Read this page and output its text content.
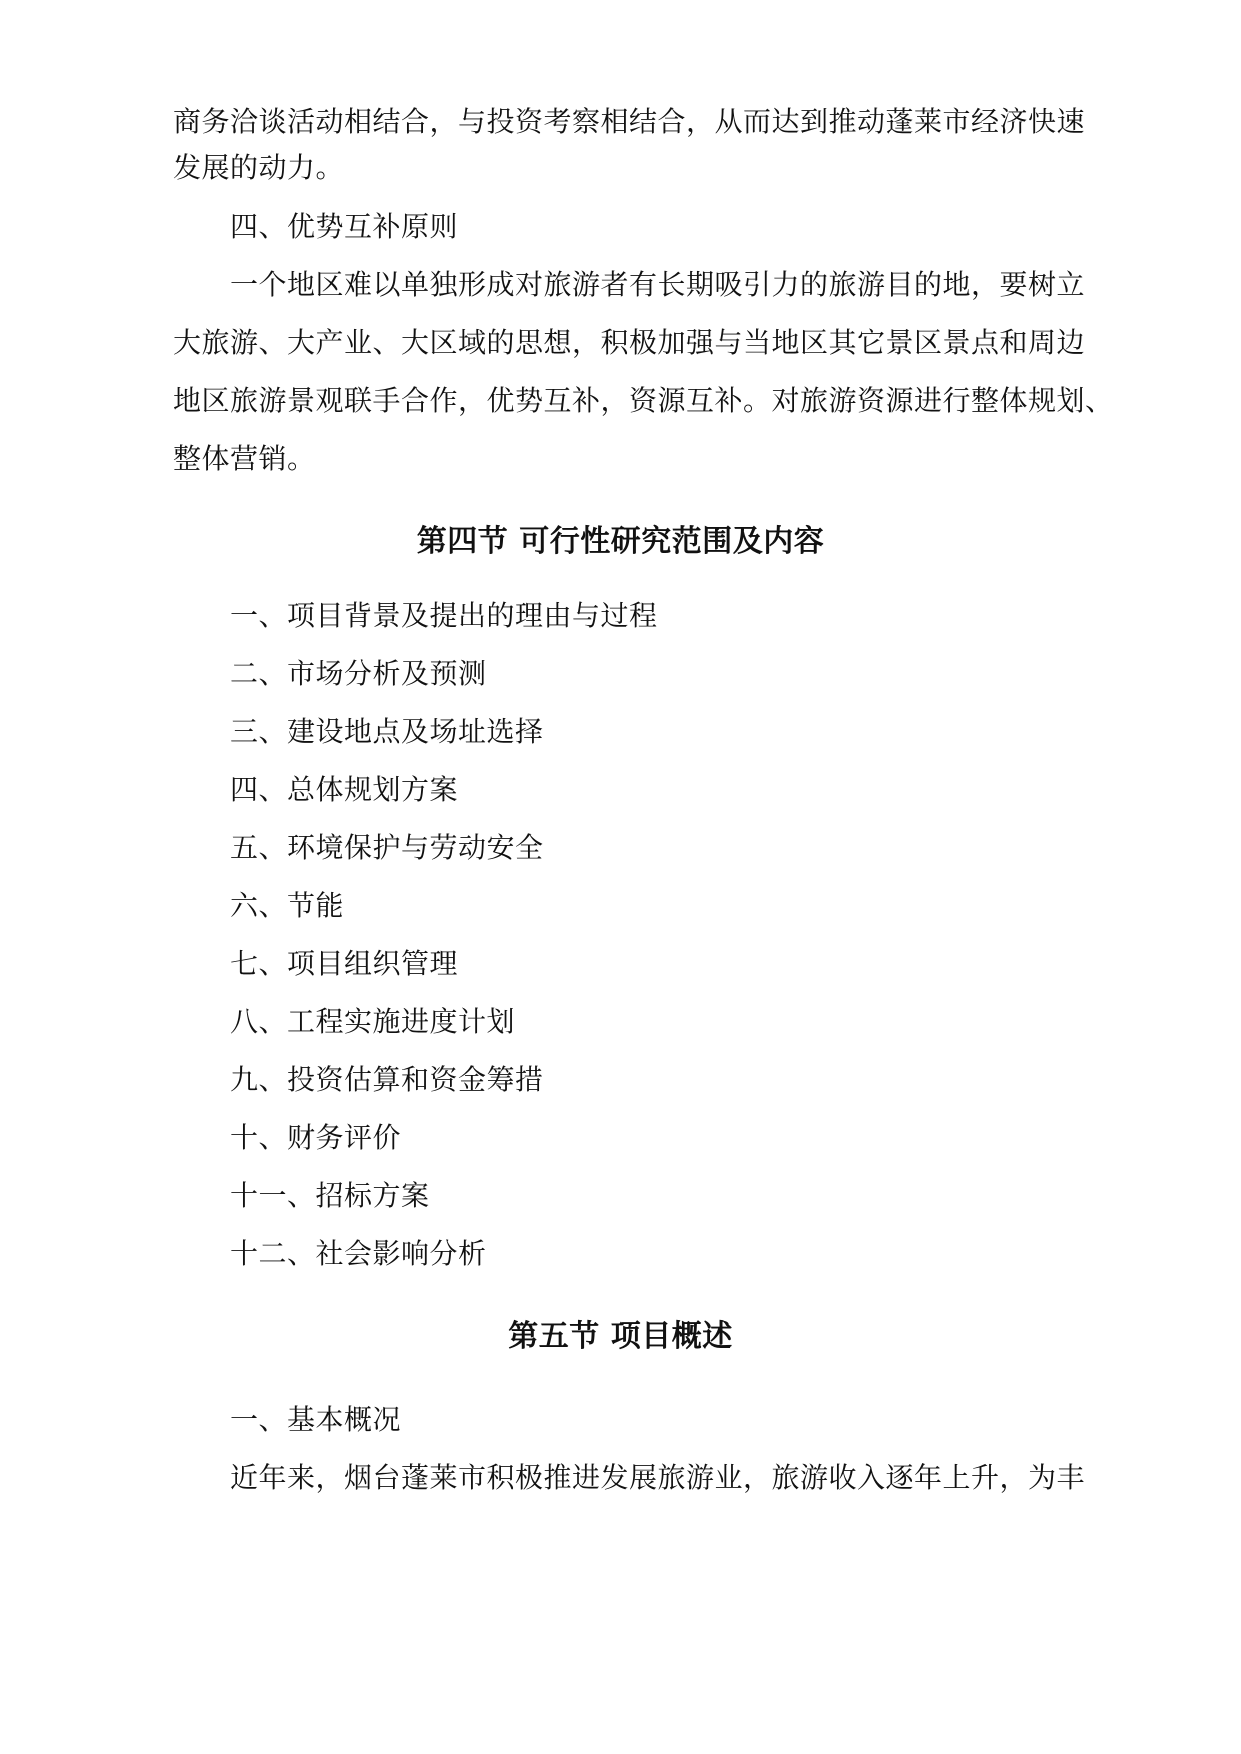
商务洽谈活动相结合，与投资考察相结合，从而达到推动蓬莱市经济快速
发展的动力。
四、优势互补原则
一个地区难以单独形成对旅游者有长期吸引力的旅游目的地，要树立
大旅游、大产业、大区域的思想，积极加强与当地区其它景区景点和周边
地区旅游景观联手合作，优势互补，资源互补。对旅游资源进行整体规划、
整体营销。
第四节 可行性研究范围及内容
一、项目背景及提出的理由与过程
二、市场分析及预测
三、建设地点及场址选择
四、总体规划方案
五、环境保护与劳动安全
六、节能
七、项目组织管理
八、工程实施进度计划
九、投资估算和资金筹措
十、财务评价
十一、招标方案
十二、社会影响分析
第五节 项目概述
一、基本概况
近年来，烟台蓬莱市积极推进发展旅游业，旅游收入逐年上升，为丰
